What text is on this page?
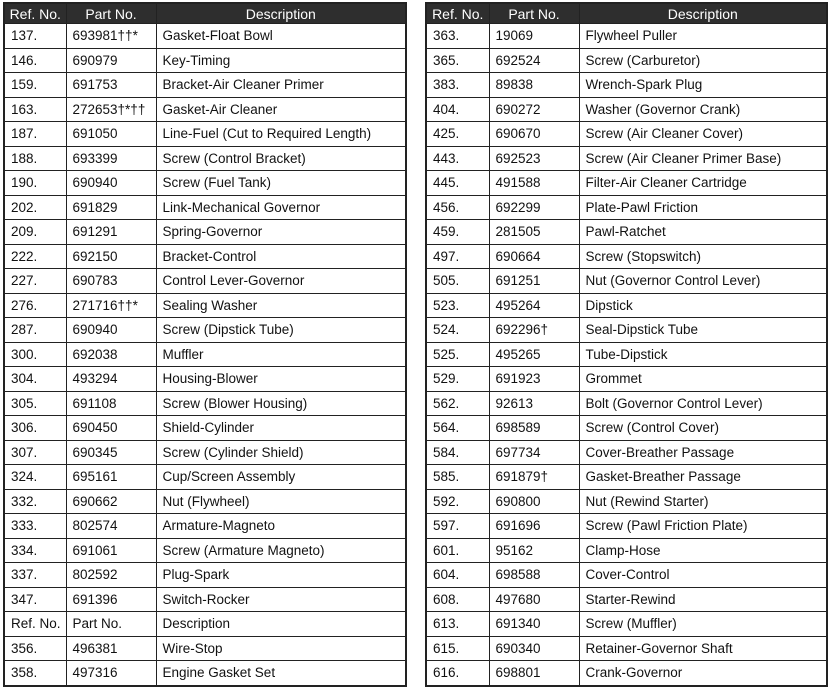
Ref. No.	Part No.	Description
137.	693981††*	Gasket-Float Bowl
146.	690979	Key-Timing
159.	691753	Bracket-Air Cleaner Primer
163.	272653†*††	Gasket-Air Cleaner
187.	691050	Line-Fuel (Cut to Required Length)
188.	693399	Screw (Control Bracket)
190.	690940	Screw (Fuel Tank)
202.	691829	Link-Mechanical Governor
209.	691291	Spring-Governor
222.	692150	Bracket-Control
227.	690783	Control Lever-Governor
276.	271716††*	Sealing Washer
287.	690940	Screw (Dipstick Tube)
300.	692038	Muffler
304.	493294	Housing-Blower
305.	691108	Screw (Blower Housing)
306.	690450	Shield-Cylinder
307.	690345	Screw (Cylinder Shield)
324.	695161	Cup/Screen Assembly
332.	690662	Nut (Flywheel)
333.	802574	Armature-Magneto
334.	691061	Screw (Armature Magneto)
337.	802592	Plug-Spark
347.	691396	Switch-Rocker
Ref. No.	Part No.	Description
356.	496381	Wire-Stop
358.	497316	Engine Gasket Set
Ref. No.	Part No.	Description
363.	19069	Flywheel Puller
365.	692524	Screw (Carburetor)
383.	89838	Wrench-Spark Plug
404.	690272	Washer (Governor Crank)
425.	690670	Screw (Air Cleaner Cover)
443.	692523	Screw (Air Cleaner Primer Base)
445.	491588	Filter-Air Cleaner Cartridge
456.	692299	Plate-Pawl Friction
459.	281505	Pawl-Ratchet
497.	690664	Screw (Stopswitch)
505.	691251	Nut (Governor Control Lever)
523.	495264	Dipstick
524.	692296†	Seal-Dipstick Tube
525.	495265	Tube-Dipstick
529.	691923	Grommet
562.	92613	Bolt (Governor Control Lever)
564.	698589	Screw (Control Cover)
584.	697734	Cover-Breather Passage
585.	691879†	Gasket-Breather Passage
592.	690800	Nut (Rewind Starter)
597.	691696	Screw (Pawl Friction Plate)
601.	95162	Clamp-Hose
604.	698588	Cover-Control
608.	497680	Starter-Rewind
613.	691340	Screw (Muffler)
615.	690340	Retainer-Governor Shaft
616.	698801	Crank-Governor
